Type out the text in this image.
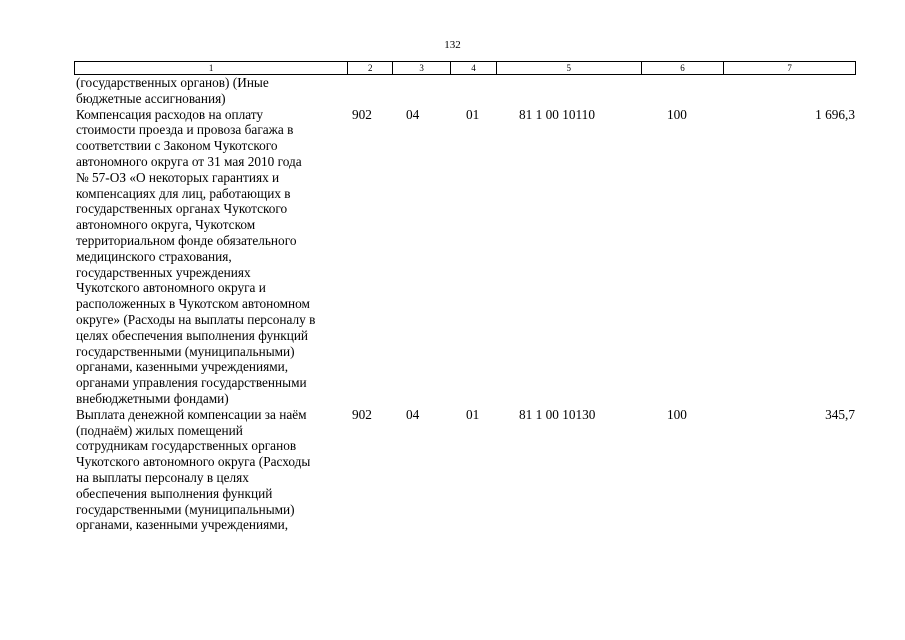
132
1	2	3	4	5	6	7
(государственных органов) (Иные
бюджетные ассигнования)
Компенсация расходов на оплату
стоимости проезда и провоза багажа в
соответствии с Законом Чукотского
автономного округа от 31 мая 2010 года
№ 57-ОЗ «О некоторых гарантиях и
компенсациях для лиц, работающих в
государственных органах Чукотского
автономного округа, Чукотском
территориальном фонде обязательного
медицинского страхования,
государственных учреждениях
Чукотского автономного округа и
расположенных в Чукотском автономном
округе» (Расходы на выплаты персоналу в
целях обеспечения выполнения функций
государственными (муниципальными)
органами, казенными учреждениями,
органами управления государственными
внебюджетными фондами)
902	04	01	81 1 00 10110	100	1 696,3
Выплата денежной компенсации за наём
(поднаём) жилых помещений
сотрудникам государственных органов
Чукотского автономного округа (Расходы
на выплаты персоналу в целях
обеспечения выполнения функций
государственными (муниципальными)
органами, казенными учреждениями,
902	04	01	81 1 00 10130	100	345,7
